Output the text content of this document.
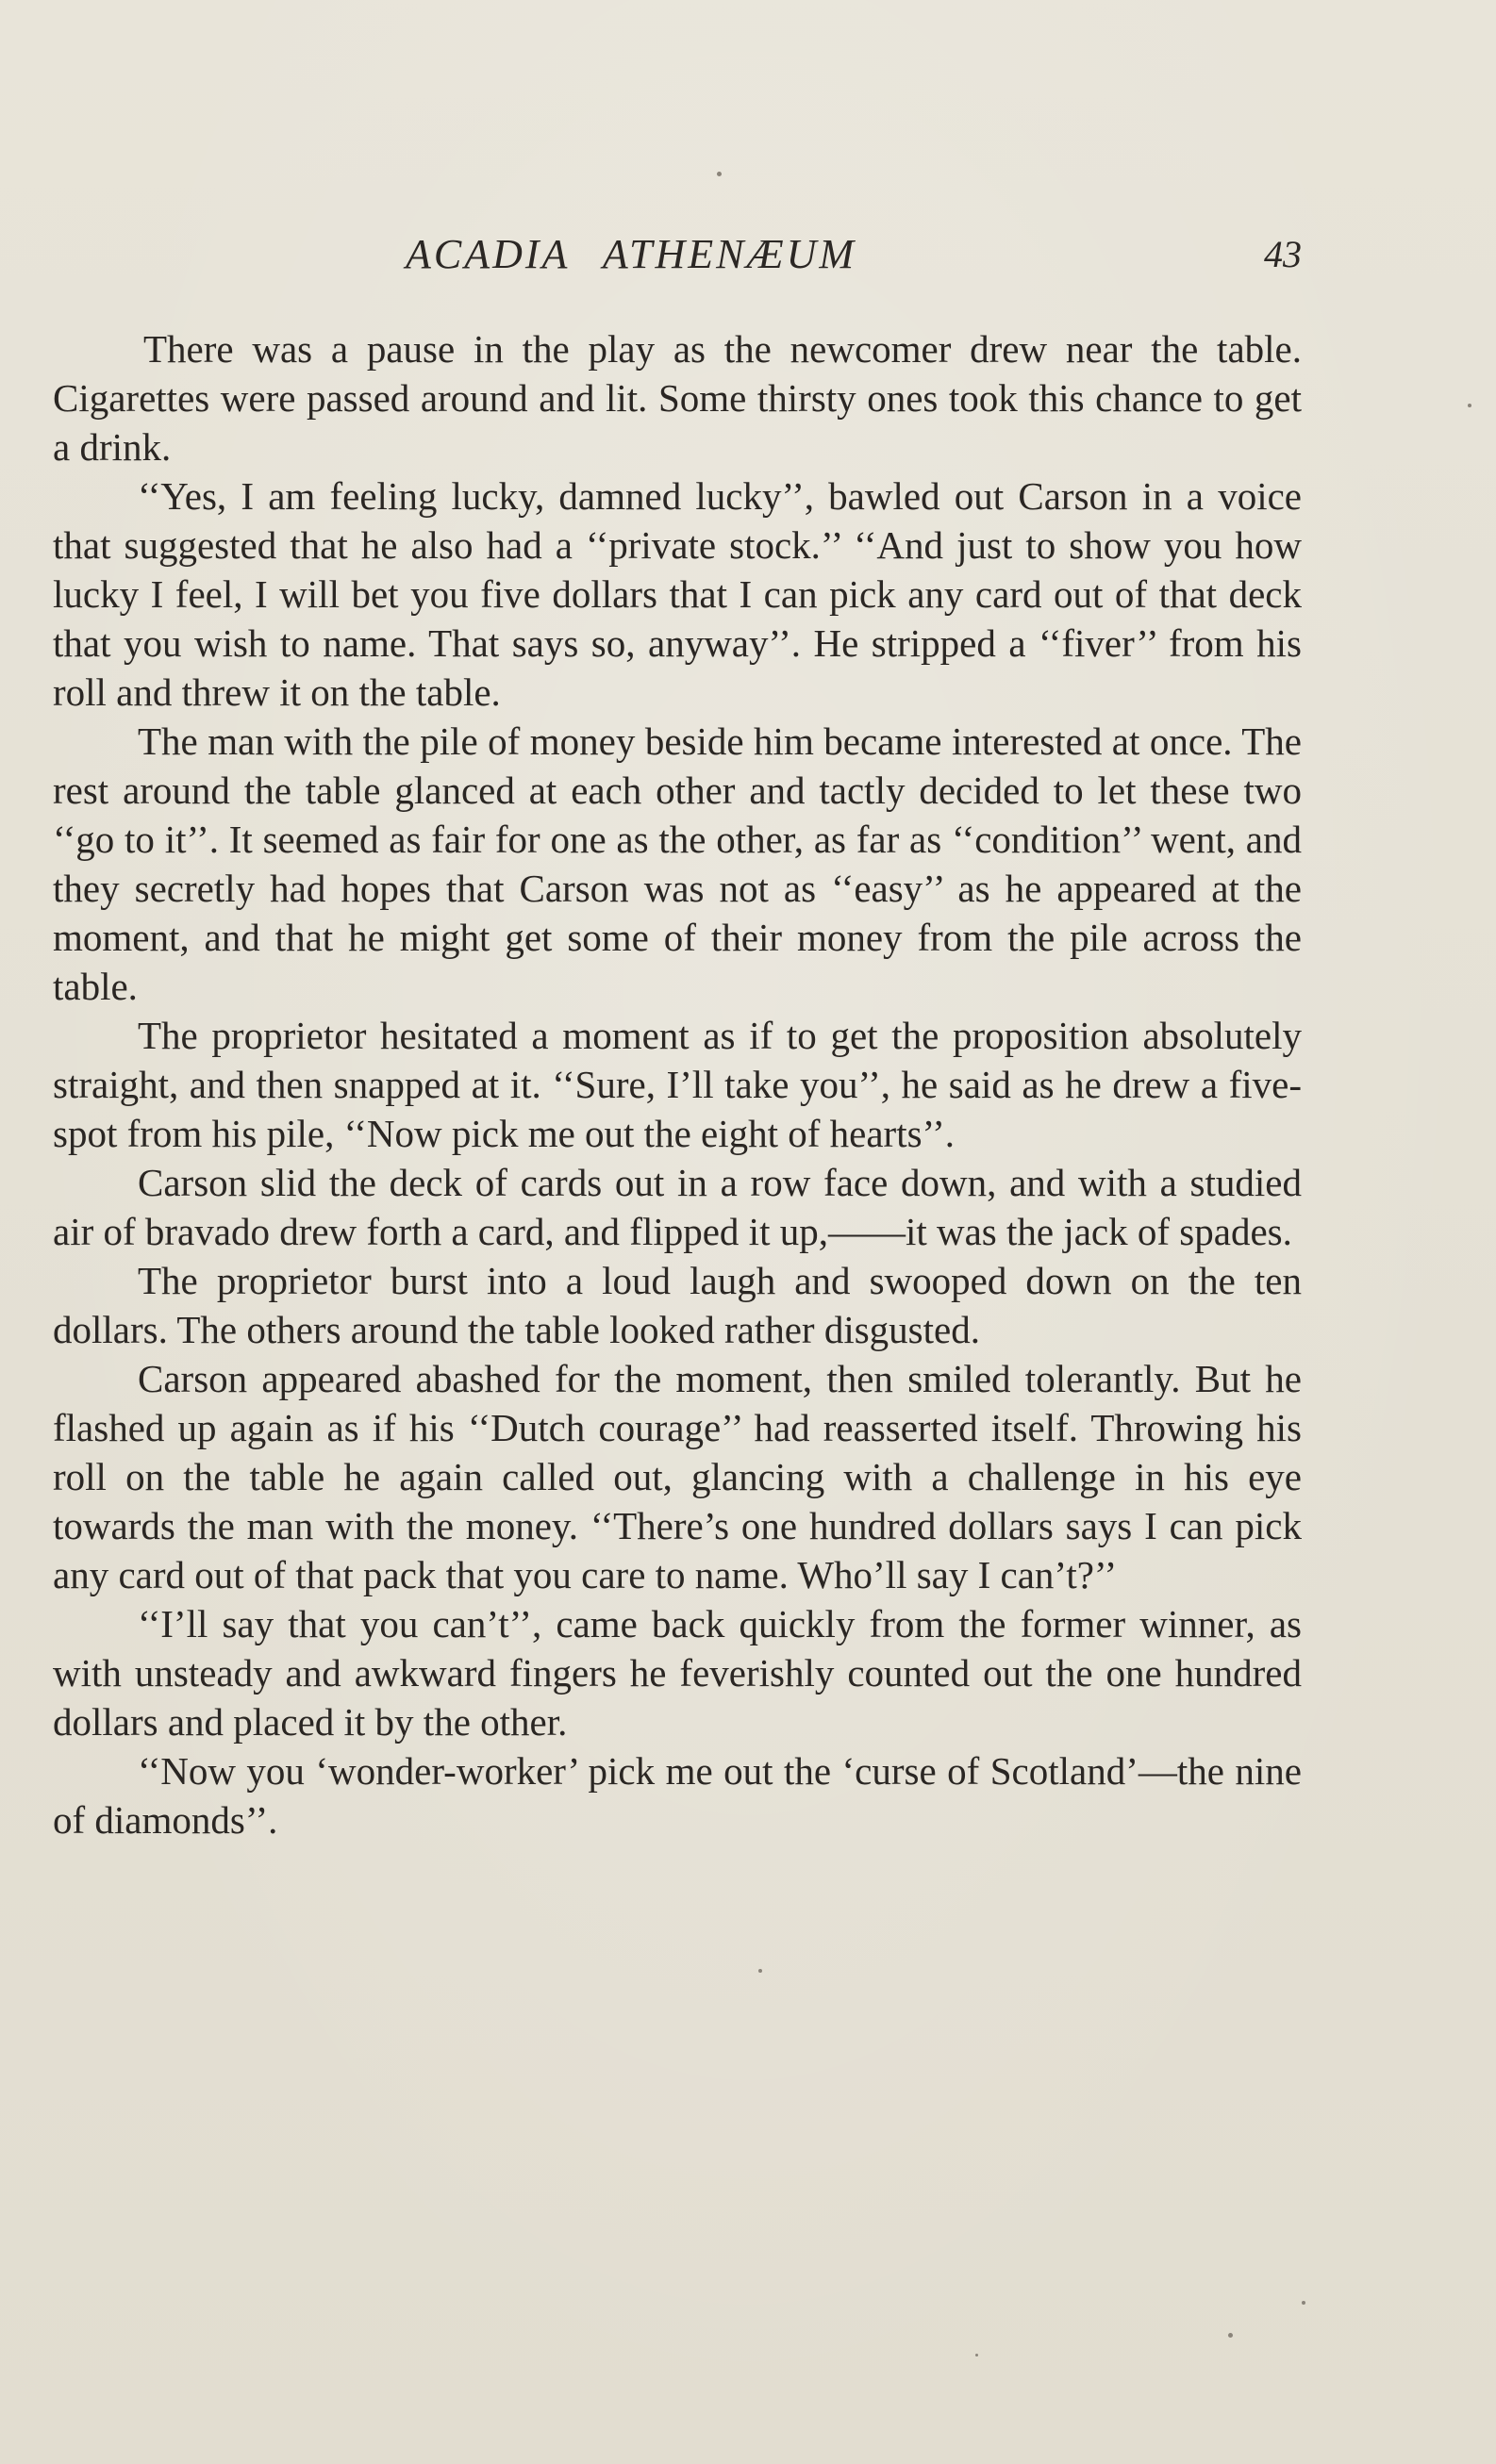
ACADIA ATHENÆUM	43

There was a pause in the play as the newcomer drew near the table. Cigarettes were passed around and lit. Some thirsty ones took this chance to get a drink.

‘‘Yes, I am feeling lucky, damned lucky’’, bawled out Carson in a voice that suggested that he also had a ‘‘private stock.’’ ‘‘And just to show you how lucky I feel, I will bet you five dollars that I can pick any card out of that deck that you wish to name. That says so, anyway’’. He stripped a ‘‘fiver’’ from his roll and threw it on the table.

The man with the pile of money beside him became interested at once. The rest around the table glanced at each other and tactly decided to let these two ‘‘go to it’’. It seemed as fair for one as the other, as far as ‘‘condition’’ went, and they secretly had hopes that Carson was not as ‘‘easy’’ as he appeared at the moment, and that he might get some of their money from the pile across the table.

The proprietor hesitated a moment as if to get the proposition absolutely straight, and then snapped at it. ‘‘Sure, I’ll take you’’, he said as he drew a five-spot from his pile, ‘‘Now pick me out the eight of hearts’’.

Carson slid the deck of cards out in a row face down, and with a studied air of bravado drew forth a card, and flipped it up,——it was the jack of spades.

The proprietor burst into a loud laugh and swooped down on the ten dollars. The others around the table looked rather disgusted.

Carson appeared abashed for the moment, then smiled tolerantly. But he flashed up again as if his ‘‘Dutch courage’’ had reasserted itself. Throwing his roll on the table he again called out, glancing with a challenge in his eye towards the man with the money. ‘‘There’s one hundred dollars says I can pick any card out of that pack that you care to name. Who’ll say I can’t?’’

‘‘I’ll say that you can’t’’, came back quickly from the former winner, as with unsteady and awkward fingers he feverishly counted out the one hundred dollars and placed it by the other.

‘‘Now you ‘wonder-worker’ pick me out the ‘curse of Scotland’—the nine of diamonds’’.
